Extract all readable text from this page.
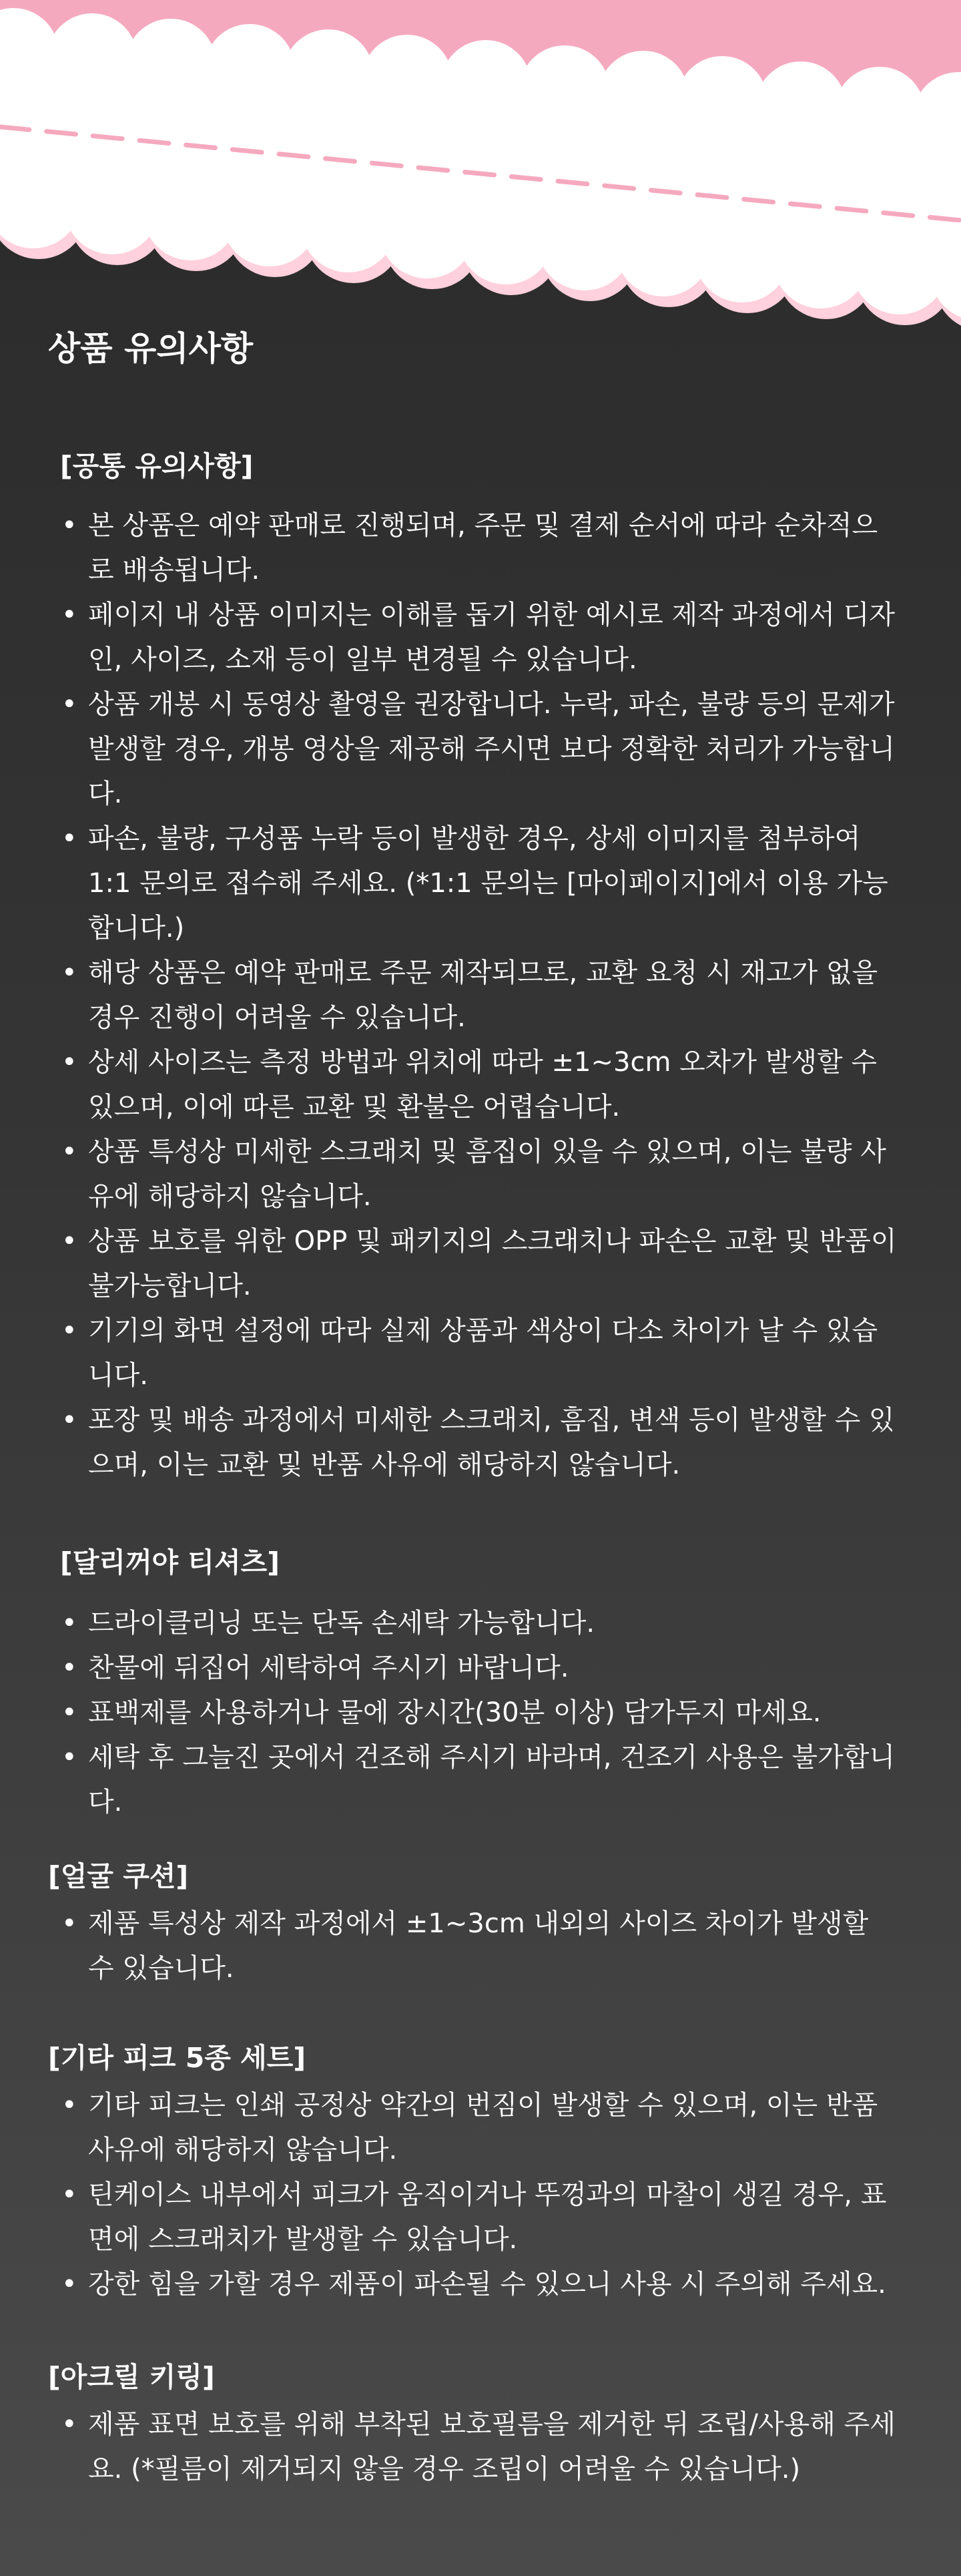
상품 유의사항
[공통 유의사항]
• 본 상품은 예약 판매로 진행되며, 주문 및 결제 순서에 따라 순차적으로 배송됩니다.
• 페이지 내 상품 이미지는 이해를 돕기 위한 예시로 제작 과정에서 디자인, 사이즈, 소재 등이 일부 변경될 수 있습니다.
• 상품 개봉 시 동영상 촬영을 권장합니다. 누락, 파손, 불량 등의 문제가 발생할 경우, 개봉 영상을 제공해 주시면 보다 정확한 처리가 가능합니다.
• 파손, 불량, 구성품 누락 등이 발생한 경우, 상세 이미지를 첨부하여 1:1 문의로 접수해 주세요. (*1:1 문의는 [마이페이지]에서 이용 가능합니다.)
• 해당 상품은 예약 판매로 주문 제작되므로, 교환 요청 시 재고가 없을 경우 진행이 어려울 수 있습니다.
• 상세 사이즈는 측정 방법과 위치에 따라 ±1~3cm 오차가 발생할 수 있으며, 이에 따른 교환 및 환불은 어렵습니다.
• 상품 특성상 미세한 스크래치 및 흠집이 있을 수 있으며, 이는 불량 사유에 해당하지 않습니다.
• 상품 보호를 위한 OPP 및 패키지의 스크래치나 파손은 교환 및 반품이 불가능합니다.
• 기기의 화면 설정에 따라 실제 상품과 색상이 다소 차이가 날 수 있습니다.
• 포장 및 배송 과정에서 미세한 스크래치, 흠집, 변색 등이 발생할 수 있으며, 이는 교환 및 반품 사유에 해당하지 않습니다.
[달리꺼야 티셔츠]
• 드라이클리닝 또는 단독 손세탁 가능합니다.
• 찬물에 뒤집어 세탁하여 주시기 바랍니다.
• 표백제를 사용하거나 물에 장시간(30분 이상) 담가두지 마세요.
• 세탁 후 그늘진 곳에서 건조해 주시기 바라며, 건조기 사용은 불가합니다.
[얼굴 쿠션]
• 제품 특성상 제작 과정에서 ±1~3cm 내외의 사이즈 차이가 발생할 수 있습니다.
[기타 피크 5종 세트]
• 기타 피크는 인쇄 공정상 약간의 번짐이 발생할 수 있으며, 이는 반품 사유에 해당하지 않습니다.
• 틴케이스 내부에서 피크가 움직이거나 뚜껑과의 마찰이 생길 경우, 표면에 스크래치가 발생할 수 있습니다.
• 강한 힘을 가할 경우 제품이 파손될 수 있으니 사용 시 주의해 주세요.
[아크릴 키링]
• 제품 표면 보호를 위해 부착된 보호필름을 제거한 뒤 조립/사용해 주세요. (*필름이 제거되지 않을 경우 조립이 어려울 수 있습니다.)
